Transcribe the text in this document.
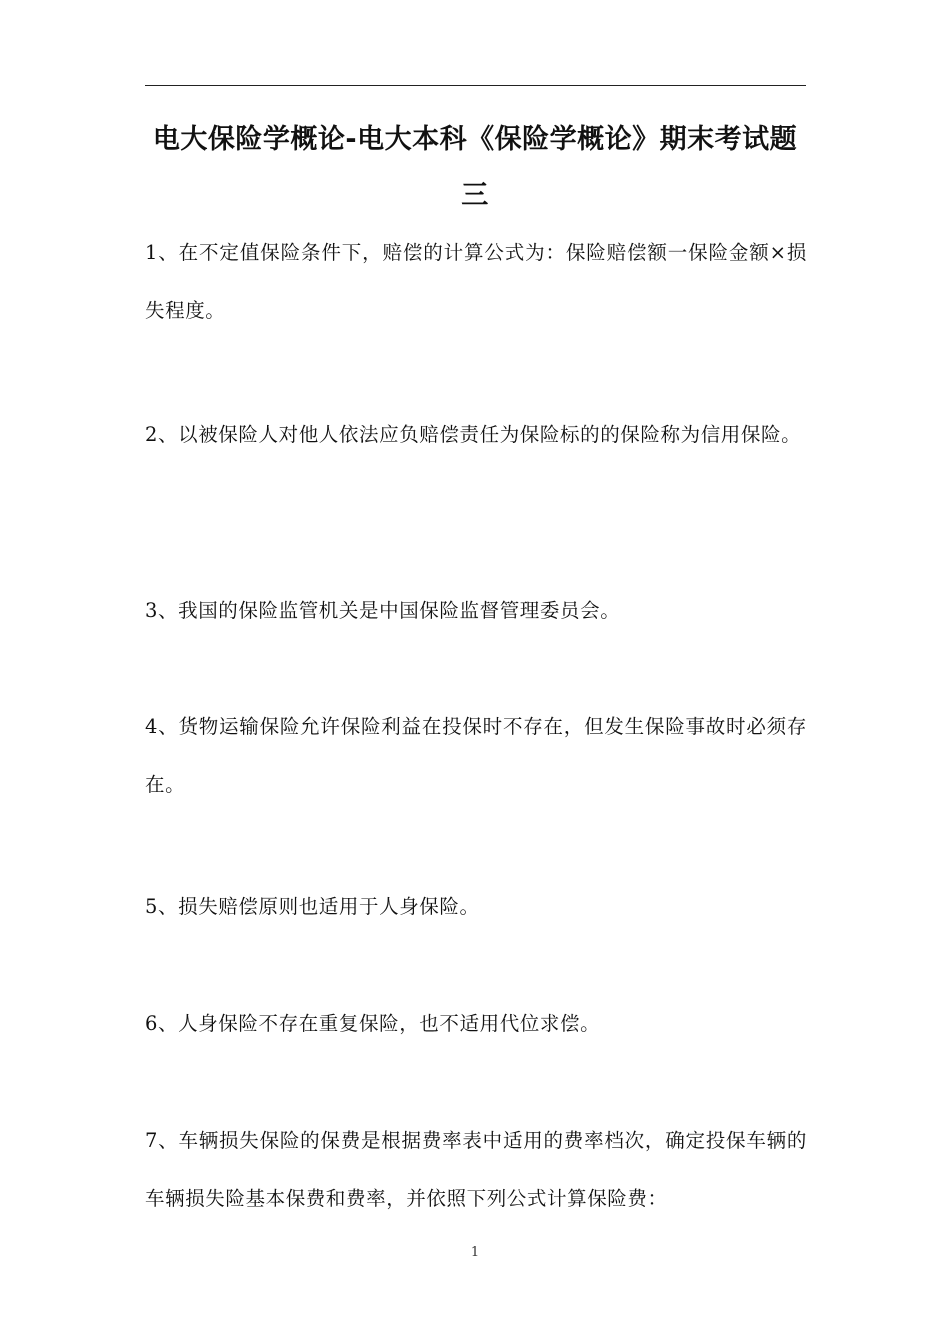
电大保险学概论-电大本科《保险学概论》期末考试题三
1、在不定值保险条件下，赔偿的计算公式为：保险赔偿额一保险金额×损失程度。
2、以被保险人对他人依法应负赔偿责任为保险标的的保险称为信用保险。
3、我国的保险监管机关是中国保险监督管理委员会。
4、货物运输保险允许保险利益在投保时不存在，但发生保险事故时必须存在。
5、损失赔偿原则也适用于人身保险。
6、人身保险不存在重复保险，也不适用代位求偿。
7、车辆损失保险的保费是根据费率表中适用的费率档次，确定投保车辆的车辆损失险基本保费和费率，并依照下列公式计算保险费：
1
